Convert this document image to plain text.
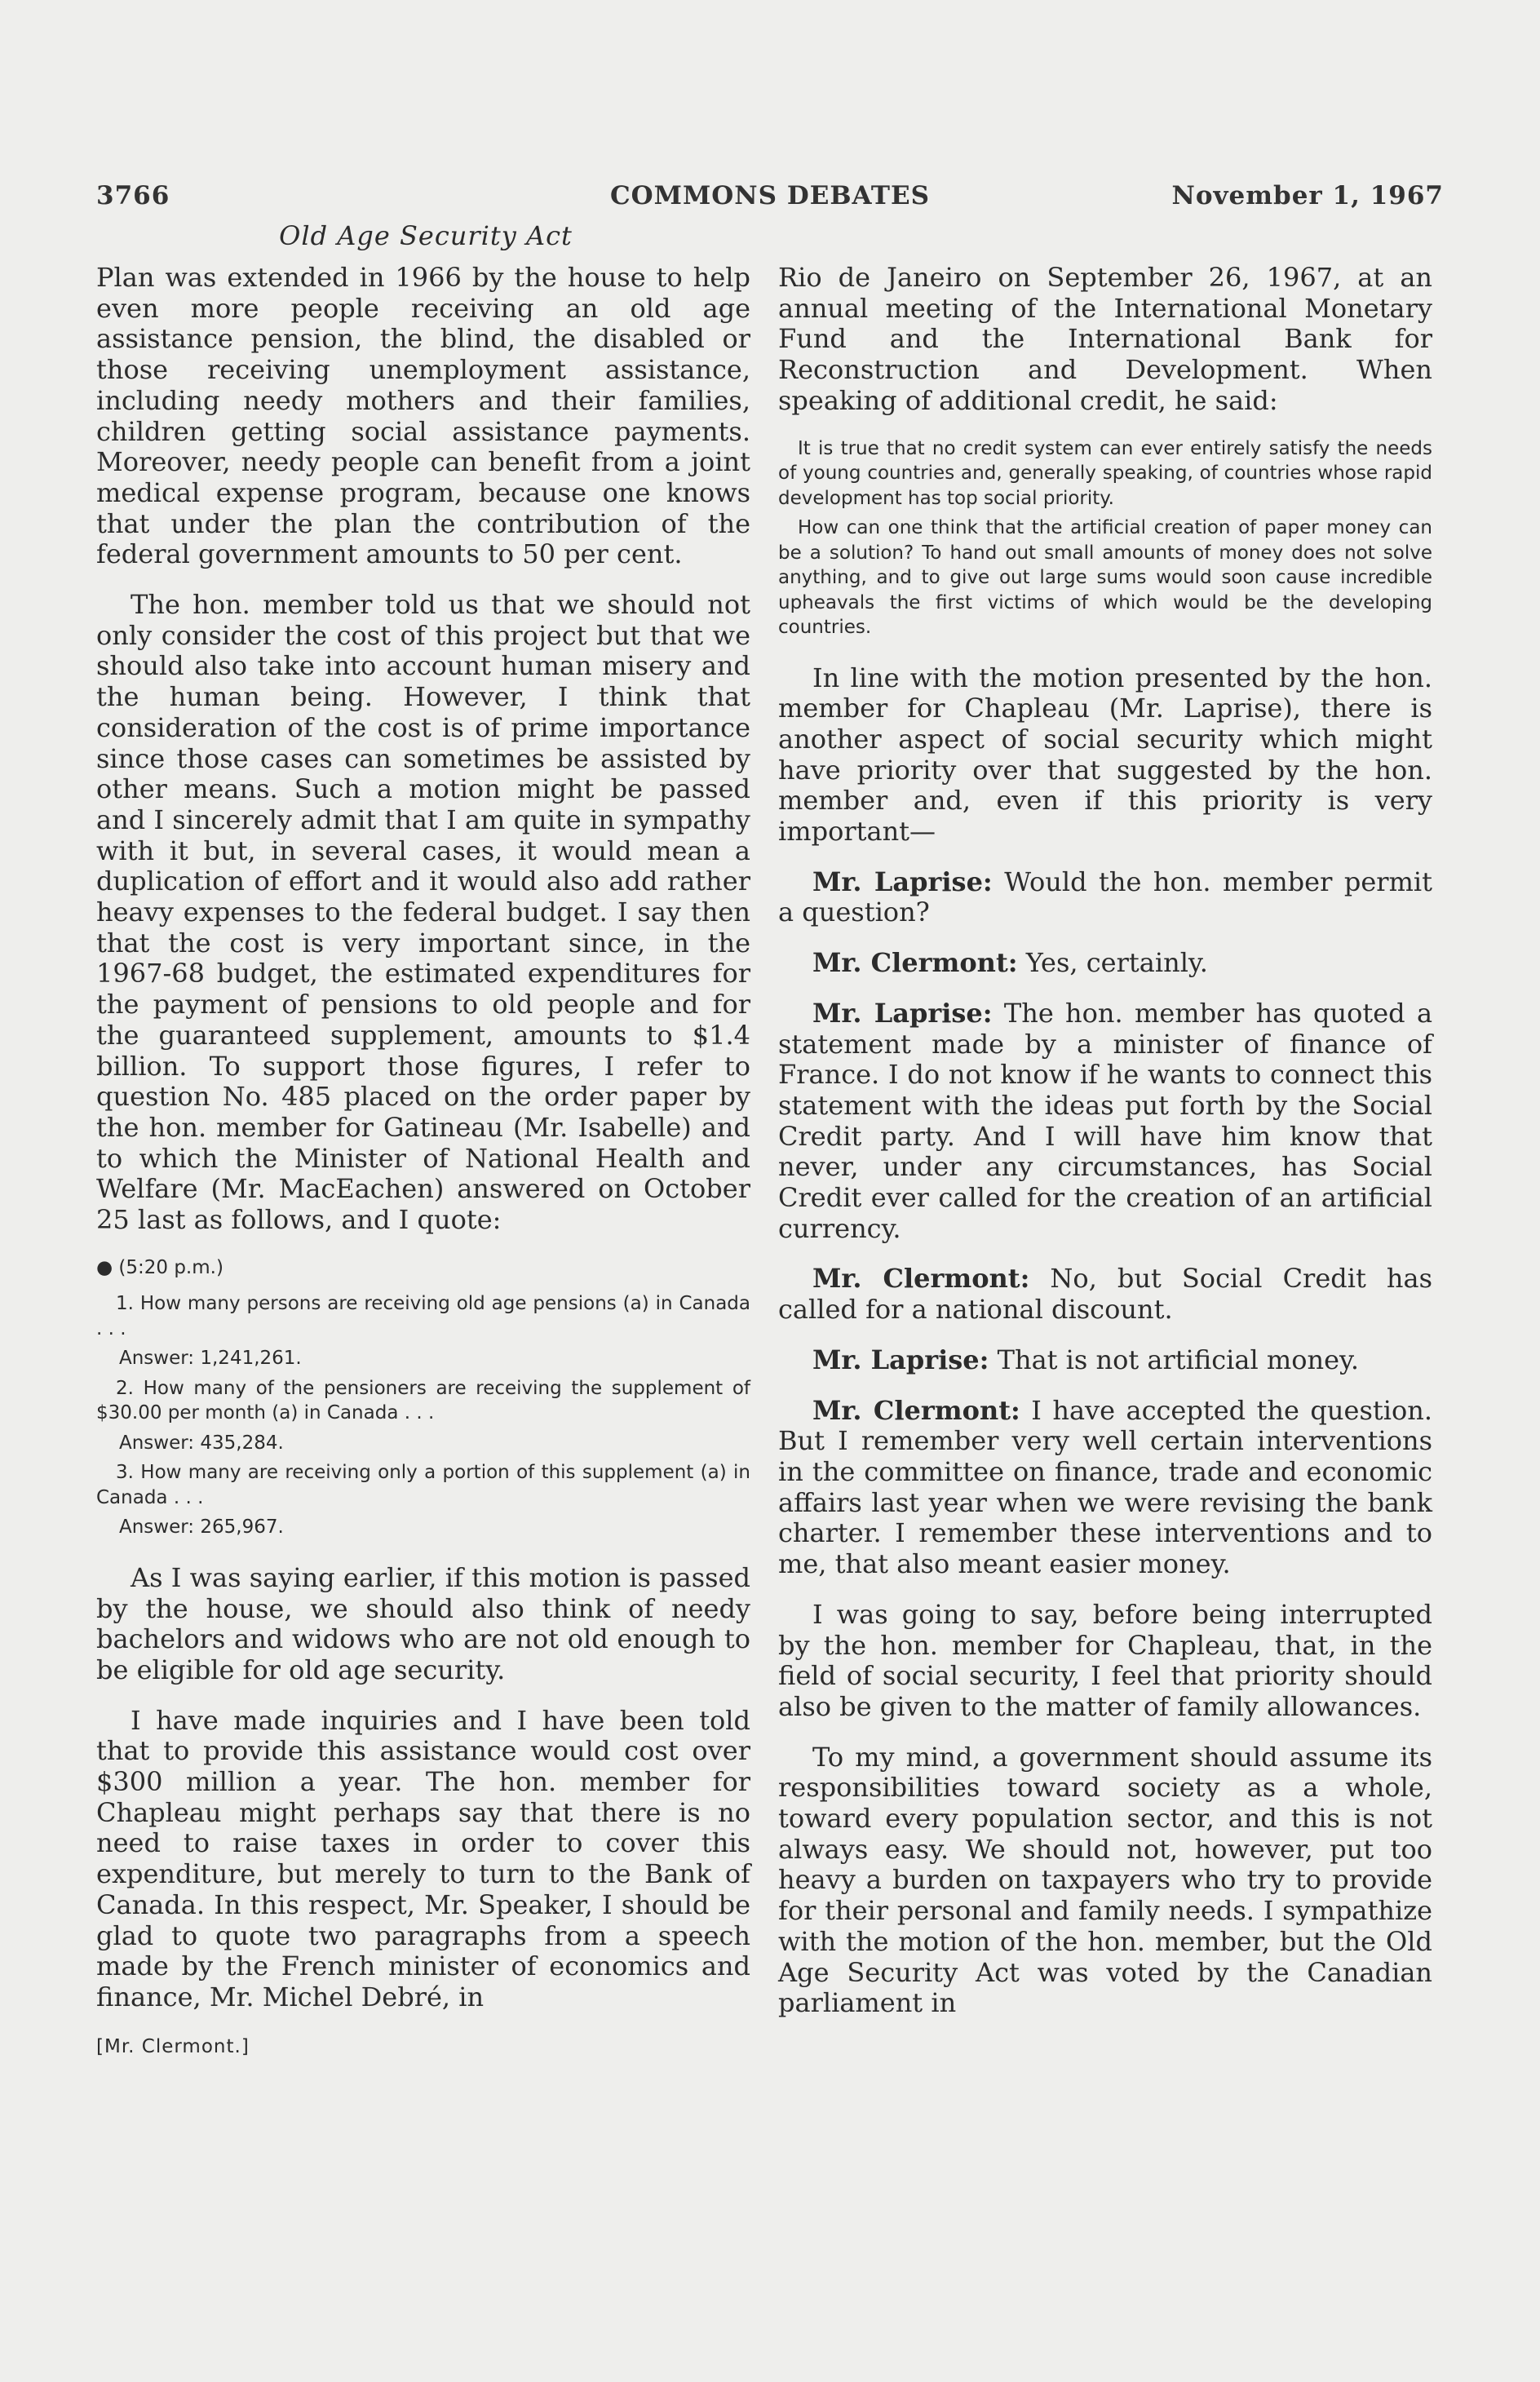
3766	COMMONS DEBATES	November 1, 1967
Old Age Security Act

Plan was extended in 1966 by the house to help even more people receiving an old age assistance pension, the blind, the disabled or those receiving unemployment assistance, including needy mothers and their families, children getting social assistance payments. Moreover, needy people can benefit from a joint medical expense program, because one knows that under the plan the contribution of the federal government amounts to 50 per cent.

The hon. member told us that we should not only consider the cost of this project but that we should also take into account human misery and the human being. However, I think that consideration of the cost is of prime importance since those cases can sometimes be assisted by other means. Such a motion might be passed and I sincerely admit that I am quite in sympathy with it but, in several cases, it would mean a duplication of effort and it would also add rather heavy expenses to the federal budget. I say then that the cost is very important since, in the 1967-68 budget, the estimated expenditures for the payment of pensions to old people and for the guaranteed supplement, amounts to $1.4 billion. To support those figures, I refer to question No. 485 placed on the order paper by the hon. member for Gatineau (Mr. Isabelle) and to which the Minister of National Health and Welfare (Mr. MacEachen) answered on October 25 last as follows, and I quote:

● (5:20 p.m.)
1. How many persons are receiving old age pensions (a) in Canada . . .
Answer: 1,241,261.
2. How many of the pensioners are receiving the supplement of $30.00 per month (a) in Canada . . .
Answer: 435,284.
3. How many are receiving only a portion of this supplement (a) in Canada . . .
Answer: 265,967.

As I was saying earlier, if this motion is passed by the house, we should also think of needy bachelors and widows who are not old enough to be eligible for old age security.

I have made inquiries and I have been told that to provide this assistance would cost over $300 million a year. The hon. member for Chapleau might perhaps say that there is no need to raise taxes in order to cover this expenditure, but merely to turn to the Bank of Canada. In this respect, Mr. Speaker, I should be glad to quote two paragraphs from a speech made by the French minister of economics and finance, Mr. Michel Debré, in

[Mr. Clermont.]

Rio de Janeiro on September 26, 1967, at an annual meeting of the International Monetary Fund and the International Bank for Reconstruction and Development. When speaking of additional credit, he said:

It is true that no credit system can ever entirely satisfy the needs of young countries and, generally speaking, of countries whose rapid development has top social priority.
How can one think that the artificial creation of paper money can be a solution? To hand out small amounts of money does not solve anything, and to give out large sums would soon cause incredible upheavals the first victims of which would be the developing countries.

In line with the motion presented by the hon. member for Chapleau (Mr. Laprise), there is another aspect of social security which might have priority over that suggested by the hon. member and, even if this priority is very important—

Mr. Laprise: Would the hon. member permit a question?

Mr. Clermont: Yes, certainly.

Mr. Laprise: The hon. member has quoted a statement made by a minister of finance of France. I do not know if he wants to connect this statement with the ideas put forth by the Social Credit party. And I will have him know that never, under any circumstances, has Social Credit ever called for the creation of an artificial currency.

Mr. Clermont: No, but Social Credit has called for a national discount.

Mr. Laprise: That is not artificial money.

Mr. Clermont: I have accepted the question. But I remember very well certain interventions in the committee on finance, trade and economic affairs last year when we were revising the bank charter. I remember these interventions and to me, that also meant easier money.

I was going to say, before being interrupted by the hon. member for Chapleau, that, in the field of social security, I feel that priority should also be given to the matter of family allowances.

To my mind, a government should assume its responsibilities toward society as a whole, toward every population sector, and this is not always easy. We should not, however, put too heavy a burden on taxpayers who try to provide for their personal and family needs. I sympathize with the motion of the hon. member, but the Old Age Security Act was voted by the Canadian parliament in
